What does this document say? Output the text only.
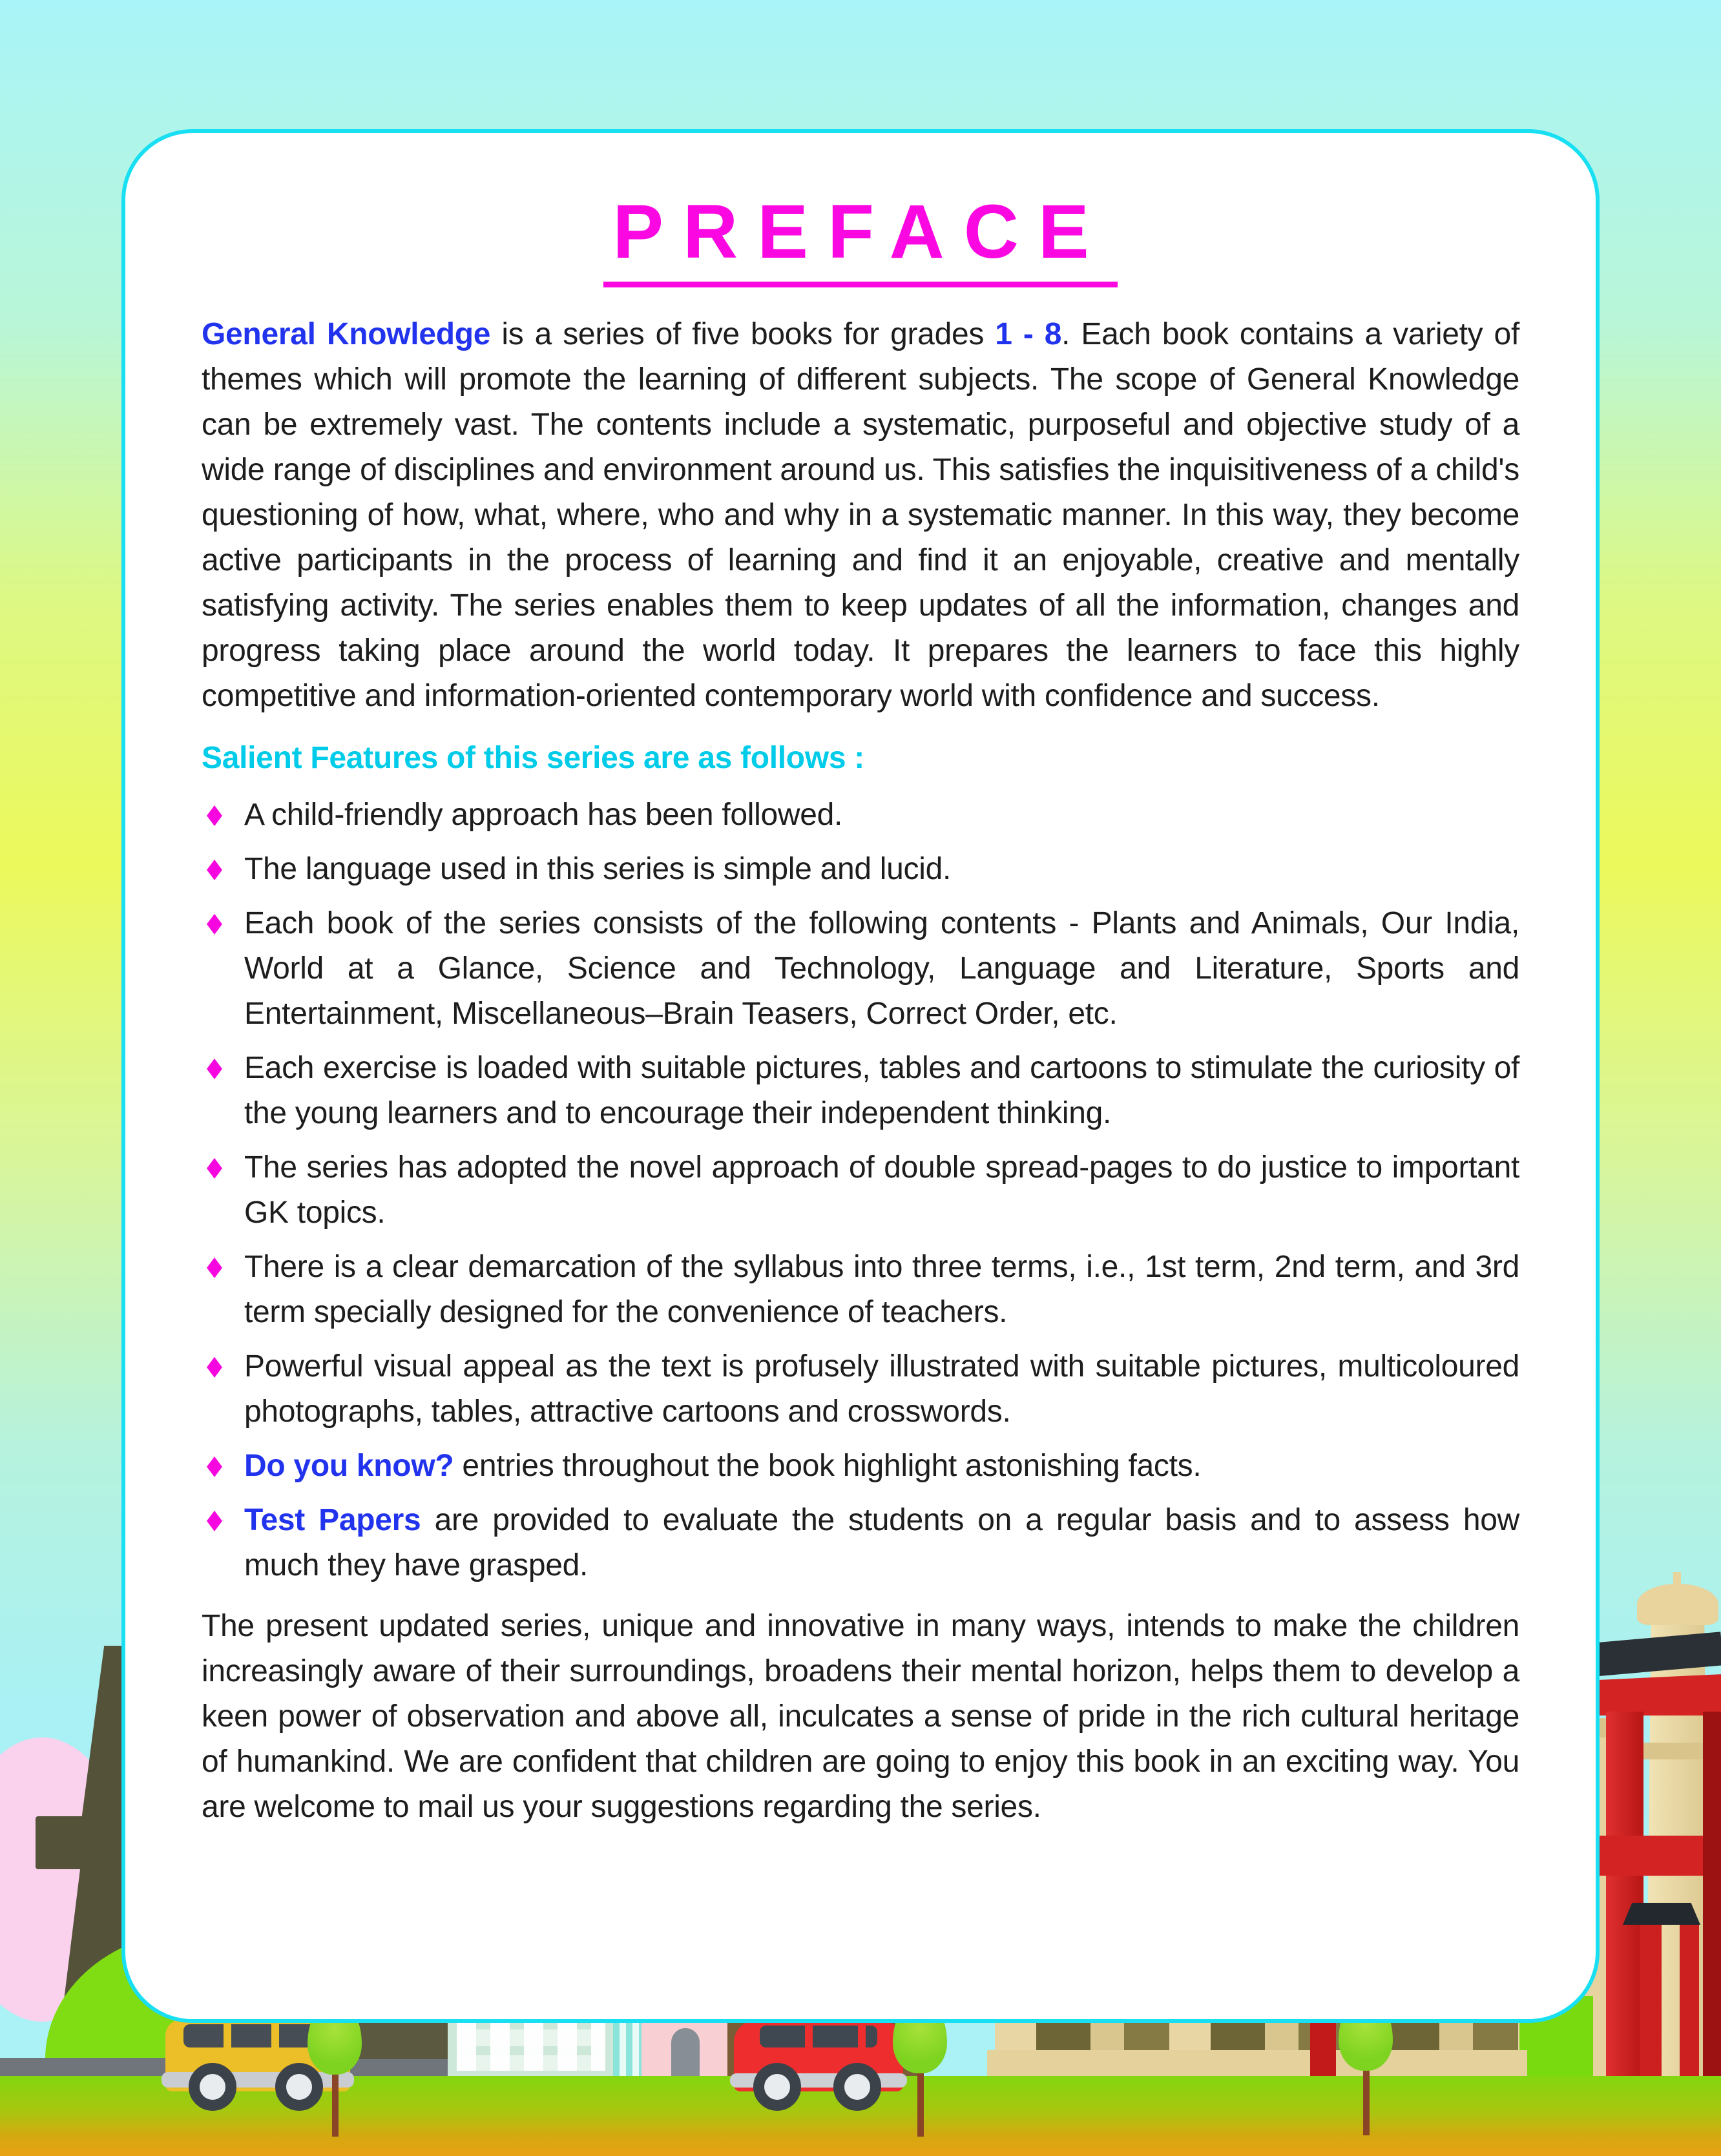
PREFACE

General Knowledge is a series of five books for grades 1 - 8. Each book contains a variety of themes which will promote the learning of different subjects. The scope of General Knowledge can be extremely vast. The contents include a systematic, purposeful and objective study of a wide range of disciplines and environment around us. This satisfies the inquisitiveness of a child's questioning of how, what, where, who and why in a systematic manner. In this way, they become active participants in the process of learning and find it an enjoyable, creative and mentally satisfying activity. The series enables them to keep updates of all the information, changes and progress taking place around the world today. It prepares the learners to face this highly competitive and information-oriented contemporary world with confidence and success.

Salient Features of this series are as follows :

A child-friendly approach has been followed.

The language used in this series is simple and lucid.

Each book of the series consists of the following contents - Plants and Animals, Our India, World at a Glance, Science and Technology, Language and Literature, Sports and Entertainment, Miscellaneous–Brain Teasers, Correct Order, etc.

Each exercise is loaded with suitable pictures, tables and cartoons to stimulate the curiosity of the young learners and to encourage their independent thinking.

The series has adopted the novel approach of double spread-pages to do justice to important GK topics.

There is a clear demarcation of the syllabus into three terms, i.e., 1st term, 2nd term, and 3rd term specially designed for the convenience of teachers.

Powerful visual appeal as the text is profusely illustrated with suitable pictures, multicoloured photographs, tables, attractive cartoons and crosswords.

Do you know? entries throughout the book highlight astonishing facts.

Test Papers are provided to evaluate the students on a regular basis and to assess how much they have grasped.

The present updated series, unique and innovative in many ways, intends to make the children increasingly aware of their surroundings, broadens their mental horizon, helps them to develop a keen power of observation and above all, inculcates a sense of pride in the rich cultural heritage of humankind. We are confident that children are going to enjoy this book in an exciting way. You are welcome to mail us your suggestions regarding the series.
